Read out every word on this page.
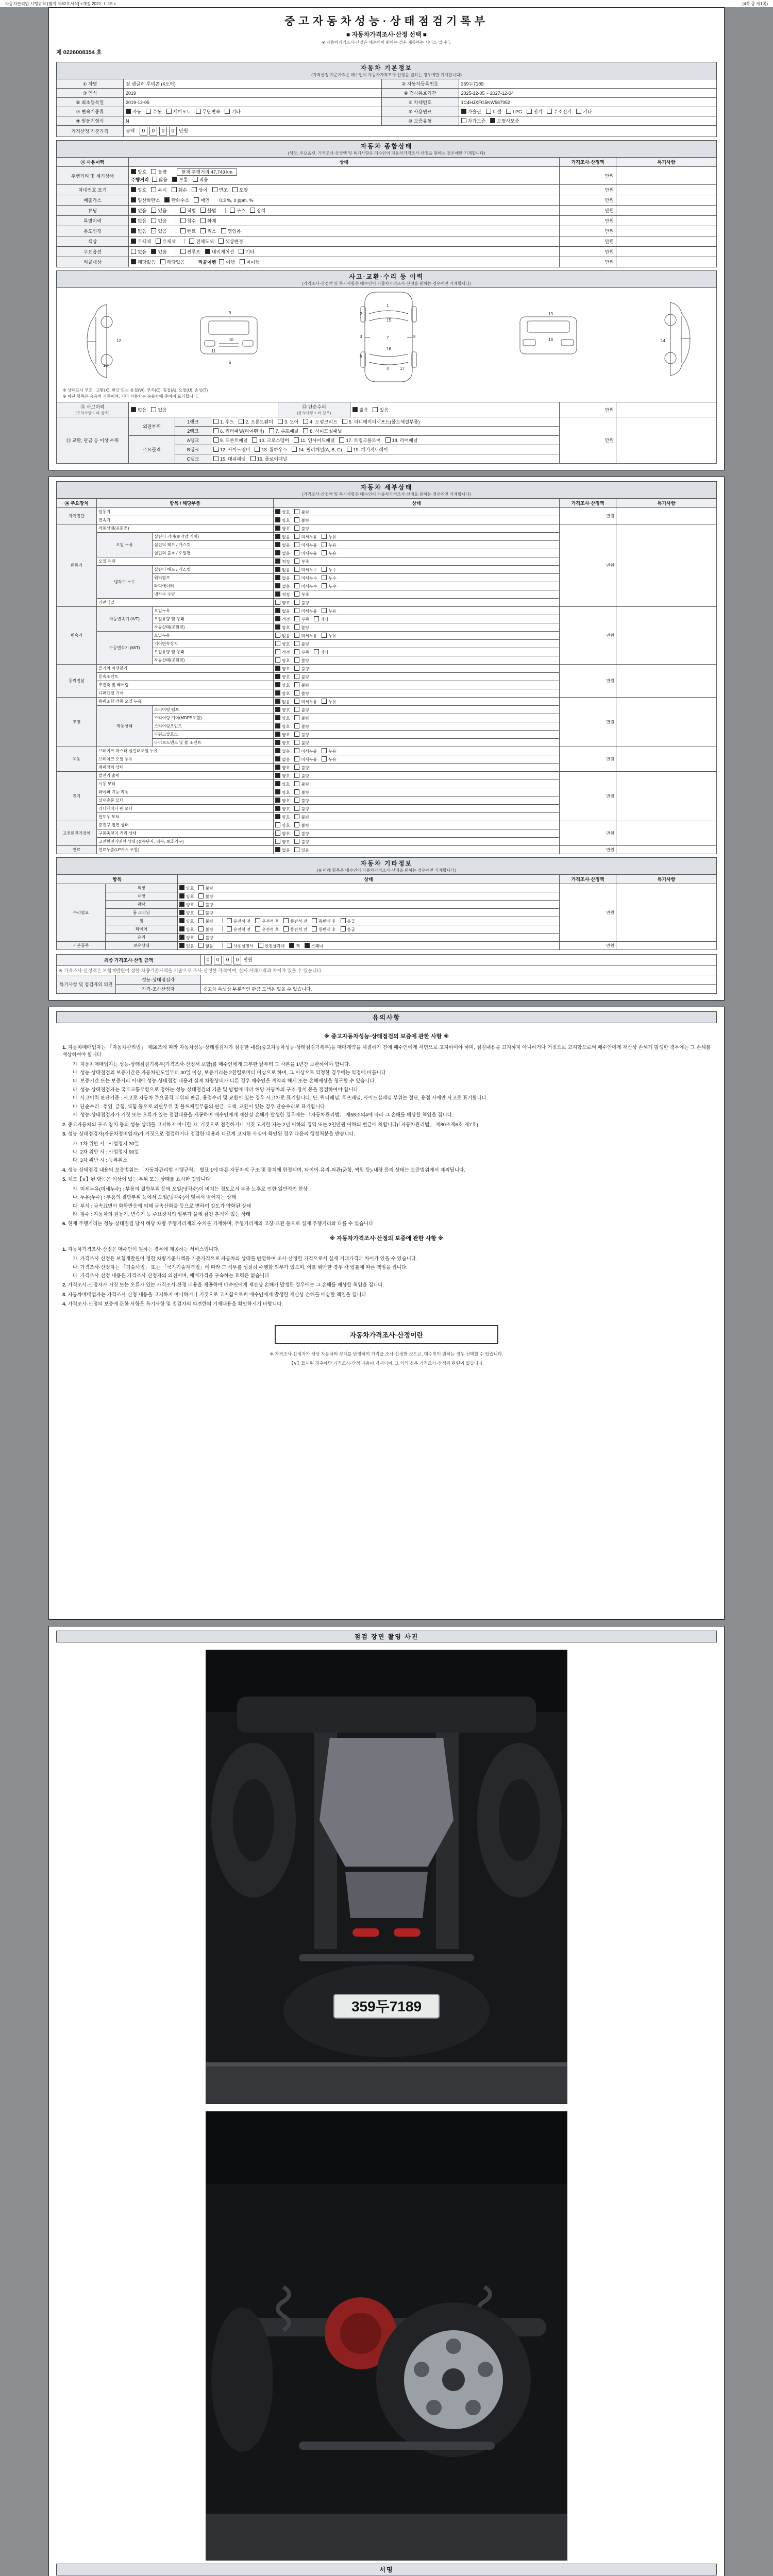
자동차관리법 시행규칙 [별지 제82호서식] <개정 2021. 1. 19.>	(4쪽 중 제1쪽)
중고자동차성능·상태점검기록부
■ 자동차가격조사·산정 선택 ■
※ 자동차가격조사·산정은 매수인이 원하는 경우 제공하는 서비스 입니다.
제 0226008354 호
자동차 기본정보
(가격산정 기준가격은 매수인이 자동차가격조사·산정을 원하는 경우에만 기재합니다)
① 차명	짚 랭글러 루비콘 (4도어)	② 자동차등록번호	359두7189
③ 연식	2019	④ 검사유효기간	2025-12-05 ~ 2027-12-04
⑤ 최초등록일	2019-12-05	⑥ 차대번호	1C4HJXFG5KW587952
⑦ 변속기종류	자동 수동 세미오토 무단변속 기타	⑧ 사용연료	가솔린 디젤 LPG 전기 수소전기 기타
⑨ 원동기형식	N	⑩ 보증유형	자가보증 보험사보증
가격산정 기준가격	금액 : 0 0 0 0 만원		
자동차 종합상태
(색상, 주요옵션, 가격조사·산정액 및 특기사항은 매수인이 자동차가격조사·산정을 원하는 경우에만 기재합니다)
⑪ 사용이력	상태	가격조사·산정액	특기사항
주행거리 및 계기상태	양호 불량 현재 주행거리 47,743 km
주행거리 많음 보통 적음	만원	
차대번호 표기	양호 부식 훼손 상이 변조 도말	만원	
배출가스	일산화탄소 탄화수소 매연 0.3 %, 0 ppm, %	만원	
튜닝	없음 있음 적법 불법 구조 장치	만원	
특별이력	없음 있음 침수 화재	만원	
용도변경	없음 있음 렌트 리스 영업용	만원	
색상	무채색 유채색 전체도색 색상변경	만원	
주요옵션	없음 있음 썬루프 네비게이션 기타	만원	
리콜대상	해당없음 해당있음 리콜이행 이행 미이행	만원	
사고·교환·수리 등 이력
(가격조사·산정액 및 특기사항은 매수인이 자동차가격조사·산정을 원하는 경우에만 기재합니다)
1
2
3
4
5
6
7	8
9
10
11
12
13
14
15
16
17
18
19
※ 상태표시 부호 : 교환(X), 판금 또는 용접(W), 부식(C), 흠집(A), 요철(U), 손상(T)
※ 하단 항목은 승용차 기준이며, 기타 자동차는 승용차에 준하여 표기합니다.
⑪ 사고이력
(유의사항 1.마 참조)
	없음 있음	⑫ 단순수리
(유의사항 1.바 참조)
	없음 있음	만원	
⑬ 교환, 판금 등 이상 부위	외판부위	1랭크	1. 후드 2. 프론트휀더 3. 도어 4. 트렁크리드 5. 라디에이터서포트(볼트체결부품)	만원	
		2랭크	6. 쿼터패널(리어휀더) 7. 루프패널 8. 사이드실패널		
	주요골격	A랭크	9. 프론트패널 10. 크로스멤버 11. 인사이드패널 17. 트렁크플로어 18. 리어패널		
		B랭크	12. 사이드멤버 13. 휠하우스 14. 필러패널(A, B, C) 19. 패키지트레이		
		C랭크	15. 대쉬패널 16. 플로어패널		
자동차 세부상태
(가격조사·산정액 및 특기사항은 매수인이 자동차가격조사·산정을 원하는 경우에만 기재합니다)
⑭ 주요장치	항목 / 해당부품		상태	가격조사·산정액	특기사항
자기진단	원동기		양호 불량	만원	
	변속기		양호 불량		
원동기	작동상태(공회전)		양호 불량	만원	
	오일 누유	실린더 커버(로커암 커버)	없음 미세누유 누유		
		실린더 헤드 / 개스킷	없음 미세누유 누유		
		실린더 블록 / 오일팬	없음 미세누유 누유		
	오일 유량		적정 부족		
	냉각수 누수	실린더 헤드 / 개스킷	없음 미세누수 누수		
		워터펌프	없음 미세누수 누수		
		라디에이터	없음 미세누수 누수		
		냉각수 수량	적정 부족		
	커먼레일		양호 불량		
변속기	자동변속기 (A/T)	오일누유	없음 미세누유 누유	만원	
		오일유량 및 상태	적정 부족 과다		
		작동상태(공회전)	양호 불량		
	수동변속기 (M/T)	오일누유	없음 미세누유 누유		
		기어변속장치	양호 불량		
		오일유량 및 상태	적정 부족 과다		
		작동상태(공회전)	양호 불량		
동력전달	클러치 어셈블리		양호 불량	만원	
	등속조인트		양호 불량		
	추진축 및 베어링		양호 불량		
	디퍼렌셜 기어		양호 불량		
조향	동력조향 작동 오일 누유		없음 미세누유 누유	만원	
	작동상태	스티어링 펌프	양호 불량		
		스티어링 기어(MDPS포함)	양호 불량		
		스티어링조인트	양호 불량		
		파워고압호스	양호 불량		
		타이로드엔드 및 볼 조인트	양호 불량		
제동	브레이크 마스터 실린더오일 누유		없음 미세누유 누유	만원	
	브레이크 오일 누유		없음 미세누유 누유		
	배력장치 상태		양호 불량		
전기	발전기 출력		양호 불량	만원	
	시동 모터		양호 불량		
	와이퍼 기능 작동		양호 불량		
	실내송풍 모터		양호 불량		
	라디에이터 팬 모터		양호 불량		
	윈도우 모터		양호 불량		
고전원전기장치	충전구 절연 상태		양호 불량	만원	
	구동축전지 격리 상태		양호 불량		
	고전원전기배선 상태 (접속단자, 피복, 보호기구)		양호 불량		
연료	연료누출(LP가스 포함)		없음 있음	만원	
자동차 기타정보
(※ 아래 항목은 매수인이 자동차가격조사·산정을 원하는 경우에만 기재합니다)
항목		상태	가격조사·산정액	특기사항
수리필요	외장	양호 불량	만원	
	내장	양호 불량		
	광택	양호 불량		
	룸 크리닝	양호 불량		
	휠	양호 불량 운전석 전 운전석 후 동반석 전 동반석 후 응급		
	타이어	양호 불량 운전석 전 운전석 후 동반석 전 동반석 후 응급		
	유리	양호 불량		
기본품목	보유상태	있음 없음 사용설명서 안전삼각대 잭 스패너	만원	
최종 가격조사·산정 금액	0 0 0 0 만원
※ 가격조사·산정액은 보험개발원이 정한 차량기준가액을 기준으로 조사·산정한 가격이며, 실제 거래가격과 차이가 있을 수 있습니다.
특기사항 및 점검자의 의견	성능·상태점검자	
	가격·조사산정자	중고차 특성상 부분적인 판금 도색은 있을 수 있습니다.
유의사항
※ 중고자동차성능·상태점검의 보증에 관한 사항 ※
1. 자동차매매업자는 「자동차관리법」 제58조에 따라 자동차성능·상태점검자가 점검한 내용(중고자동차성능·상태점검기록부)을 매매계약을 체결하기 전에 매수인에게 서면으로 고지하여야 하며, 점검내용을 고지하지 아니하거나 거짓으로 고지함으로써 매수인에게 재산상 손해가 발생한 경우에는 그 손해를 배상하여야 합니다.
가. 자동차매매업자는 성능·상태점검기록부(가격조사·산정서 포함)를 매수인에게 교부한 날부터 그 사본을 1년간 보관하여야 합니다.
나. 성능·상태점검의 보증기간은 자동차인도일부터 30일 이상, 보증거리는 2천킬로미터 이상으로 하며, 그 이상으로 약정한 경우에는 약정에 따릅니다.
다. 보증기간 또는 보증거리 이내에 성능·상태점검 내용과 실제 차량상태가 다른 경우 매수인은 계약의 해제 또는 손해배상을 청구할 수 있습니다.
라. 성능·상태점검자는 국토교통부령으로 정하는 성능·상태점검의 기준 및 방법에 따라 해당 자동차의 구조·장치 등을 점검하여야 합니다.
마. 사고이력 판단기준 : 사고로 자동차 주요골격 부위의 판금, 용접수리 및 교환이 있는 경우 사고차로 표기합니다. 단, 쿼터패널, 루프패널, 사이드실패널 부위는 절단, 용접 시에만 사고로 표기합니다.
바. 단순수리 : 꺾임, 긁힘, 찍힘 등으로 외판부위 및 볼트체결부품의 판금, 도색, 교환이 있는 경우 단순수리로 표기합니다.
사. 성능·상태점검자가 거짓 또는 오류가 있는 점검내용을 제공하여 매수인에게 재산상 손해가 발생한 경우에는 「자동차관리법」 제58조의4에 따라 그 손해를 배상할 책임을 집니다.
2. 중고자동차의 구조·장치 등의 성능·상태를 고지하지 아니한 자, 거짓으로 점검하거나 거짓 고지한 자는 2년 이하의 징역 또는 2천만원 이하의 벌금에 처합니다(「자동차관리법」 제80조제6호·제7호).
3. 성능·상태점검자(자동차정비업자)가 거짓으로 점검하거나 점검한 내용과 다르게 고지한 사실이 확인된 경우 다음의 행정처분을 받습니다.
가. 1차 위반 시 : 사업정지 30일
나. 2차 위반 시 : 사업정지 90일
다. 3차 위반 시 : 등록취소
4. 성능·상태점검 내용의 보증범위는 「자동차관리법 시행규칙」 별표 1에 따른 자동차의 구조 및 장치에 한정되며, 타이어·유리·외관(긁힘, 찍힘 등)·내장 등의 상태는 보증범위에서 제외됩니다.
5. 체크【∨】된 항목은 이상이 있는 부위 또는 상태를 표시한 것입니다.
가. 미세누유(미세누수) : 부품의 결합부위 등에 오일(냉각수)이 비치는 정도로서 부품 노후로 인한 일반적인 현상
나. 누유(누수) : 부품의 결합부위 등에서 오일(냉각수)이 맺혀서 떨어지는 상태
다. 부식 : 금속표면이 화학반응에 의해 금속산화물 등으로 변하여 강도가 약화된 상태
라. 침수 : 자동차의 원동기, 변속기 등 주요장치의 일부가 물에 잠긴 흔적이 있는 상태
6. 현재 주행거리는 성능·상태점검 당시 해당 차량 주행거리계의 수치를 기재하며, 주행거리계의 고장·교환 등으로 실제 주행거리와 다를 수 있습니다.
※ 자동차가격조사·산정의 보증에 관한 사항 ※
1. 자동차가격조사·산정은 매수인이 원하는 경우에 제공하는 서비스입니다.
가. 가격조사·산정은 보험개발원이 정한 차량기준가액을 기준가격으로 자동차의 상태를 반영하여 조사·산정한 가격으로서 실제 거래가격과 차이가 있을 수 있습니다.
나. 가격조사·산정자는 「기술사법」 또는 「국가기술자격법」에 따라 그 직무를 성실히 수행할 의무가 있으며, 이를 위반한 경우 각 법률에 따른 책임을 집니다.
다. 가격조사·산정 내용은 가격조사·산정자의 의견이며, 매매가격을 구속하는 효력은 없습니다.
2. 가격조사·산정자가 거짓 또는 오류가 있는 가격조사·산정 내용을 제공하여 매수인에게 재산상 손해가 발생한 경우에는 그 손해를 배상할 책임을 집니다.
3. 자동차매매업자는 가격조사·산정 내용을 고지하지 아니하거나 거짓으로 고지함으로써 매수인에게 발생한 재산상 손해를 배상할 책임을 집니다.
4. 가격조사·산정의 보증에 관한 사항은 특기사항 및 점검자의 의견란의 기재내용을 확인하시기 바랍니다.
자동차가격조사·산정이란
※ 가격조사·산정자가 해당 자동차의 상태를 반영하여 가격을 조사·산정한 것으로, 매수인이 원하는 경우 선택할 수 있습니다.
【∨】표시된 경우에만 가격조사·산정 내용이 기재되며, 그 외의 경우 가격조사·산정과 관련이 없습니다.
점검 장면 촬영 사진
359두7189
서명
